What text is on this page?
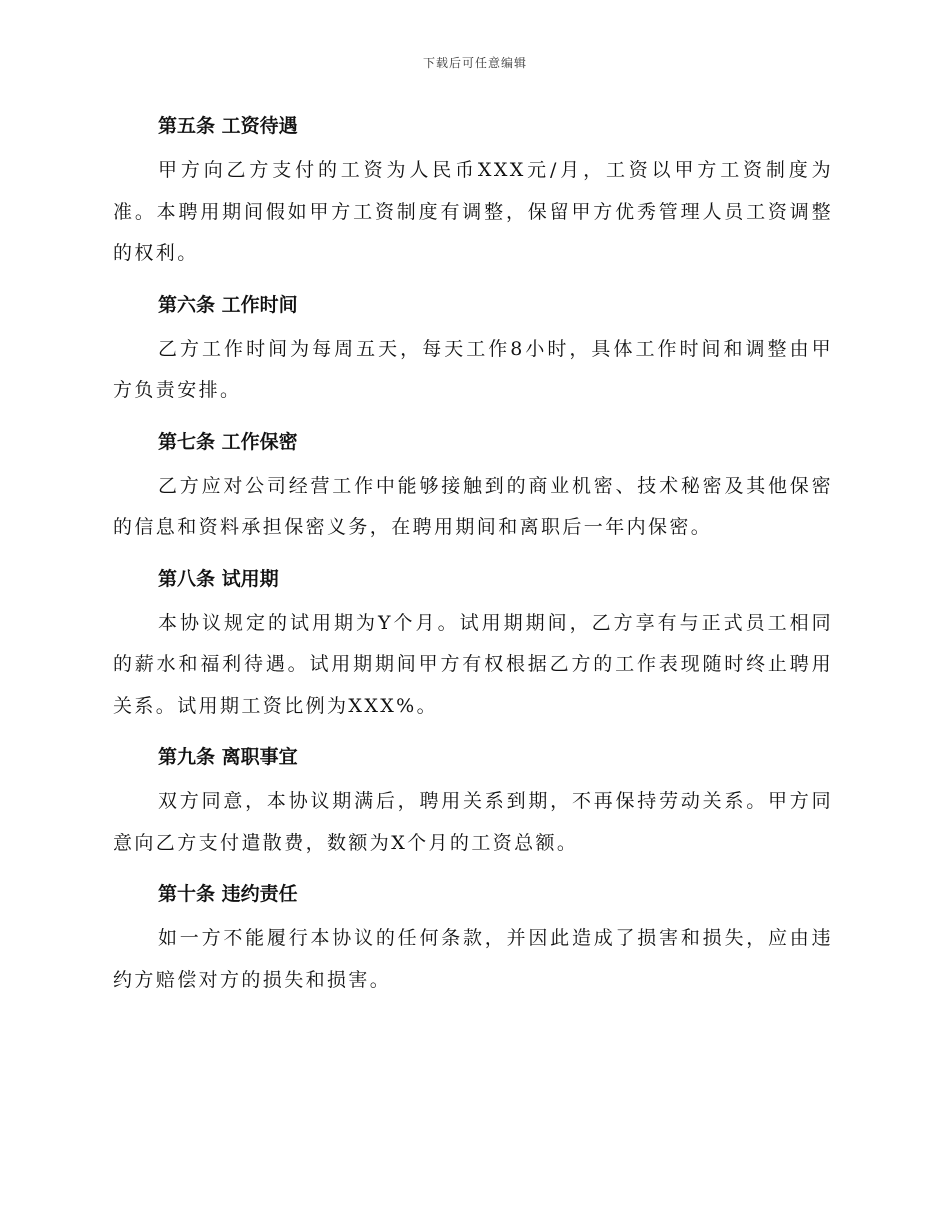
下载后可任意编辑
第五条 工资待遇

甲方向乙方支付的工资为人民币XXX元/月，工资以甲方工资制度为准。本聘用期间假如甲方工资制度有调整，保留甲方优秀管理人员工资调整的权利。

第六条 工作时间

乙方工作时间为每周五天，每天工作8小时，具体工作时间和调整由甲方负责安排。

第七条 工作保密

乙方应对公司经营工作中能够接触到的商业机密、技术秘密及其他保密的信息和资料承担保密义务，在聘用期间和离职后一年内保密。

第八条 试用期

本协议规定的试用期为Y个月。试用期期间，乙方享有与正式员工相同的薪水和福利待遇。试用期期间甲方有权根据乙方的工作表现随时终止聘用关系。试用期工资比例为XXX%。

第九条 离职事宜

双方同意，本协议期满后，聘用关系到期，不再保持劳动关系。甲方同意向乙方支付遣散费，数额为X个月的工资总额。

第十条 违约责任

如一方不能履行本协议的任何条款，并因此造成了损害和损失，应由违约方赔偿对方的损失和损害。
